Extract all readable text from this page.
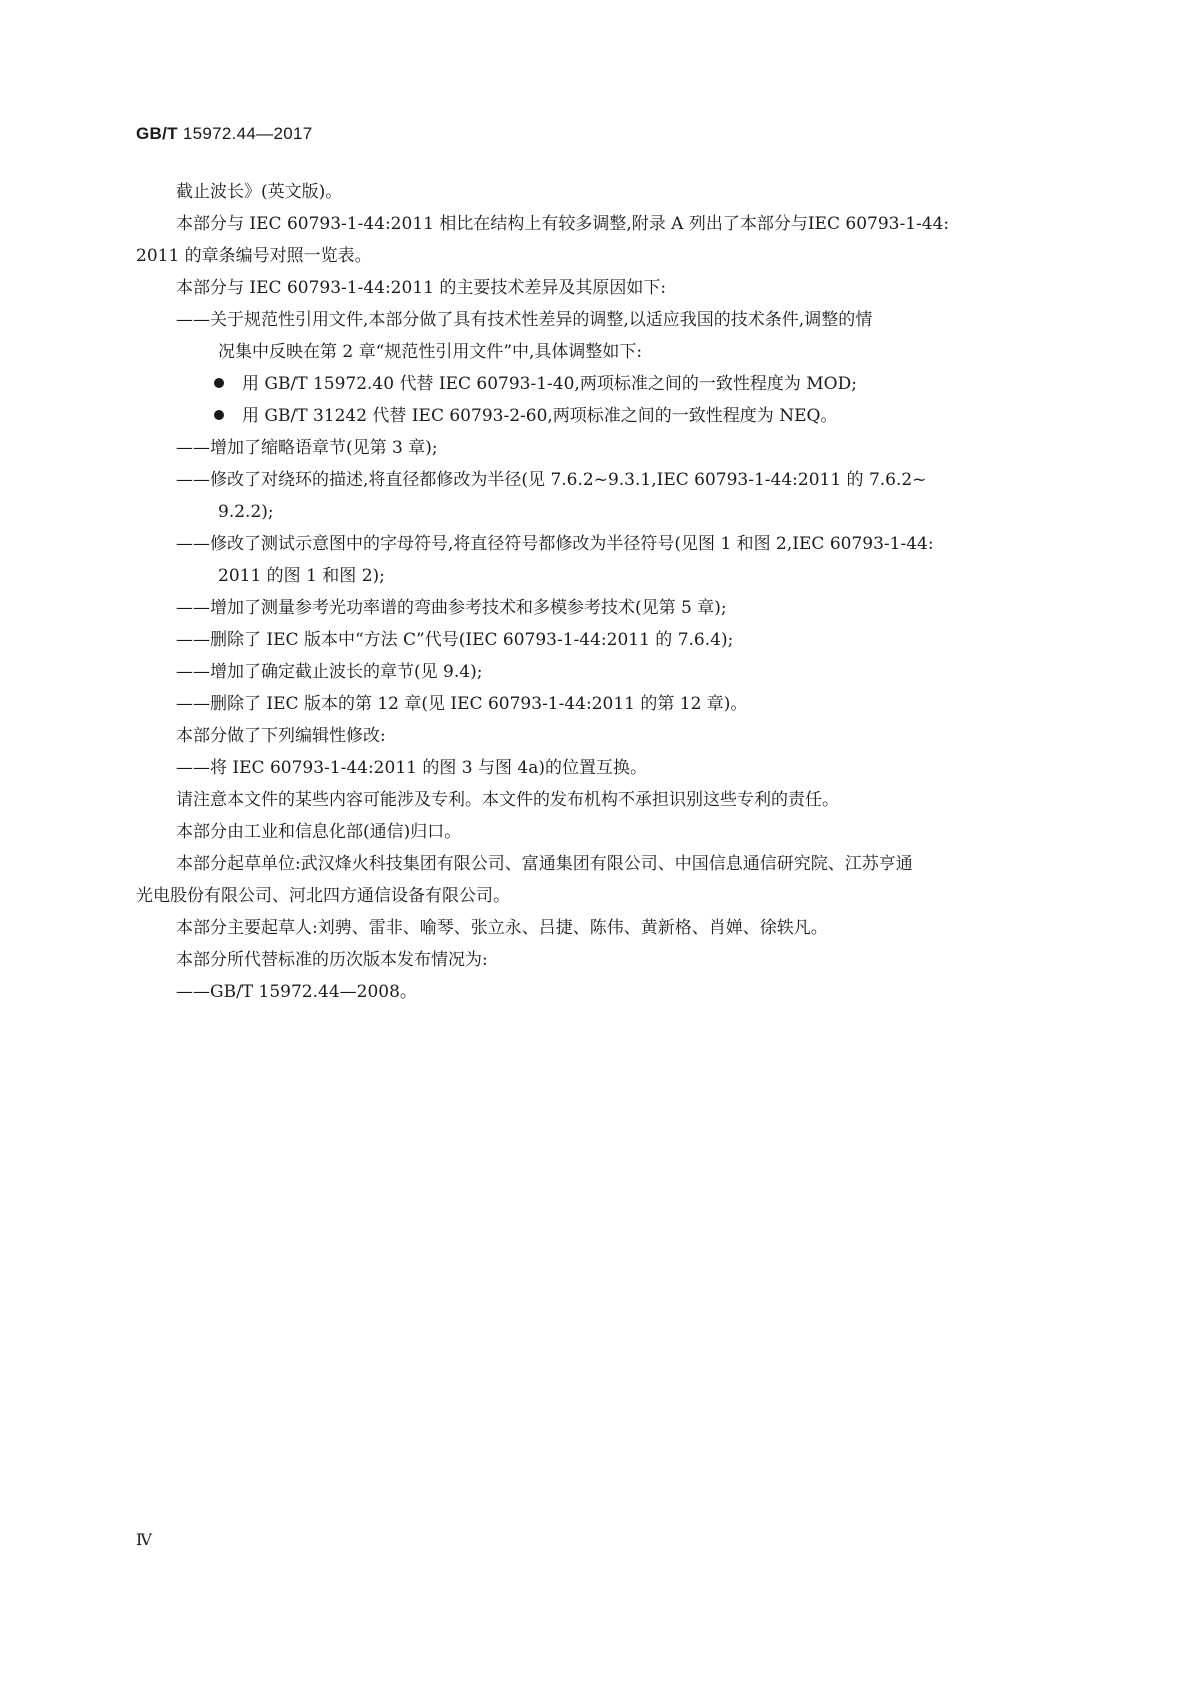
GB/T 15972.44—2017
截止波长》(英文版)。
本部分与 IEC 60793-1-44:2011 相比在结构上有较多调整,附录 A 列出了本部分与IEC 60793-1-44:
2011 的章条编号对照一览表。
本部分与 IEC 60793-1-44:2011 的主要技术差异及其原因如下:
——关于规范性引用文件,本部分做了具有技术性差异的调整,以适应我国的技术条件,调整的情
况集中反映在第 2 章“规范性引用文件”中,具体调整如下:
用 GB/T 15972.40 代替 IEC 60793-1-40,两项标准之间的一致性程度为 MOD;
用 GB/T 31242 代替 IEC 60793-2-60,两项标准之间的一致性程度为 NEQ。
——增加了缩略语章节(见第 3 章);
——修改了对绕环的描述,将直径都修改为半径(见 7.6.2~9.3.1,IEC 60793-1-44:2011 的 7.6.2~
9.2.2);
——修改了测试示意图中的字母符号,将直径符号都修改为半径符号(见图 1 和图 2,IEC 60793-1-44:
2011 的图 1 和图 2);
——增加了测量参考光功率谱的弯曲参考技术和多模参考技术(见第 5 章);
——删除了 IEC 版本中“方法 C”代号(IEC 60793-1-44:2011 的 7.6.4);
——增加了确定截止波长的章节(见 9.4);
——删除了 IEC 版本的第 12 章(见 IEC 60793-1-44:2011 的第 12 章)。
本部分做了下列编辑性修改:
——将 IEC 60793-1-44:2011 的图 3 与图 4a)的位置互换。
请注意本文件的某些内容可能涉及专利。本文件的发布机构不承担识别这些专利的责任。
本部分由工业和信息化部(通信)归口。
本部分起草单位:武汉烽火科技集团有限公司、富通集团有限公司、中国信息通信研究院、江苏亨通
光电股份有限公司、河北四方通信设备有限公司。
本部分主要起草人:刘骋、雷非、喻琴、张立永、吕捷、陈伟、黄新格、肖婵、徐轶凡。
本部分所代替标准的历次版本发布情况为:
——GB/T 15972.44—2008。
Ⅳ
